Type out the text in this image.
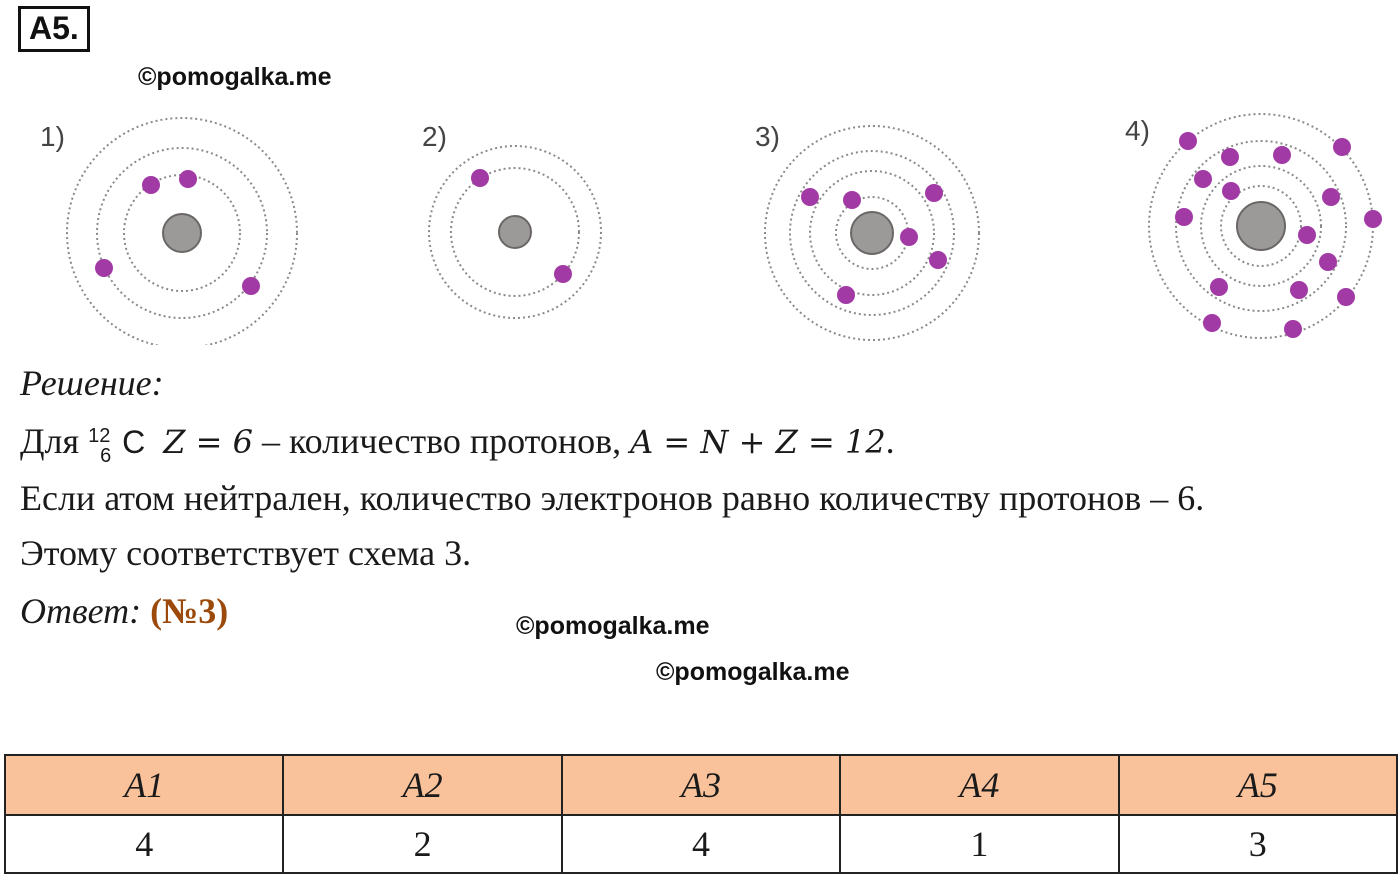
A5.
©pomogalka.me
1)	2)	3)	4)
Решение:
Для 12
6 C Z = 6 – количество протонов, A = N + Z = 12.
Если атом нейтрален, количество электронов равно количеству протонов – 6.
Этому соответствует схема 3.
Ответ: (№3)	©pomogalka.me
©pomogalka.me
A1	A2	A3	A4	A5
4	2	4	1	3
